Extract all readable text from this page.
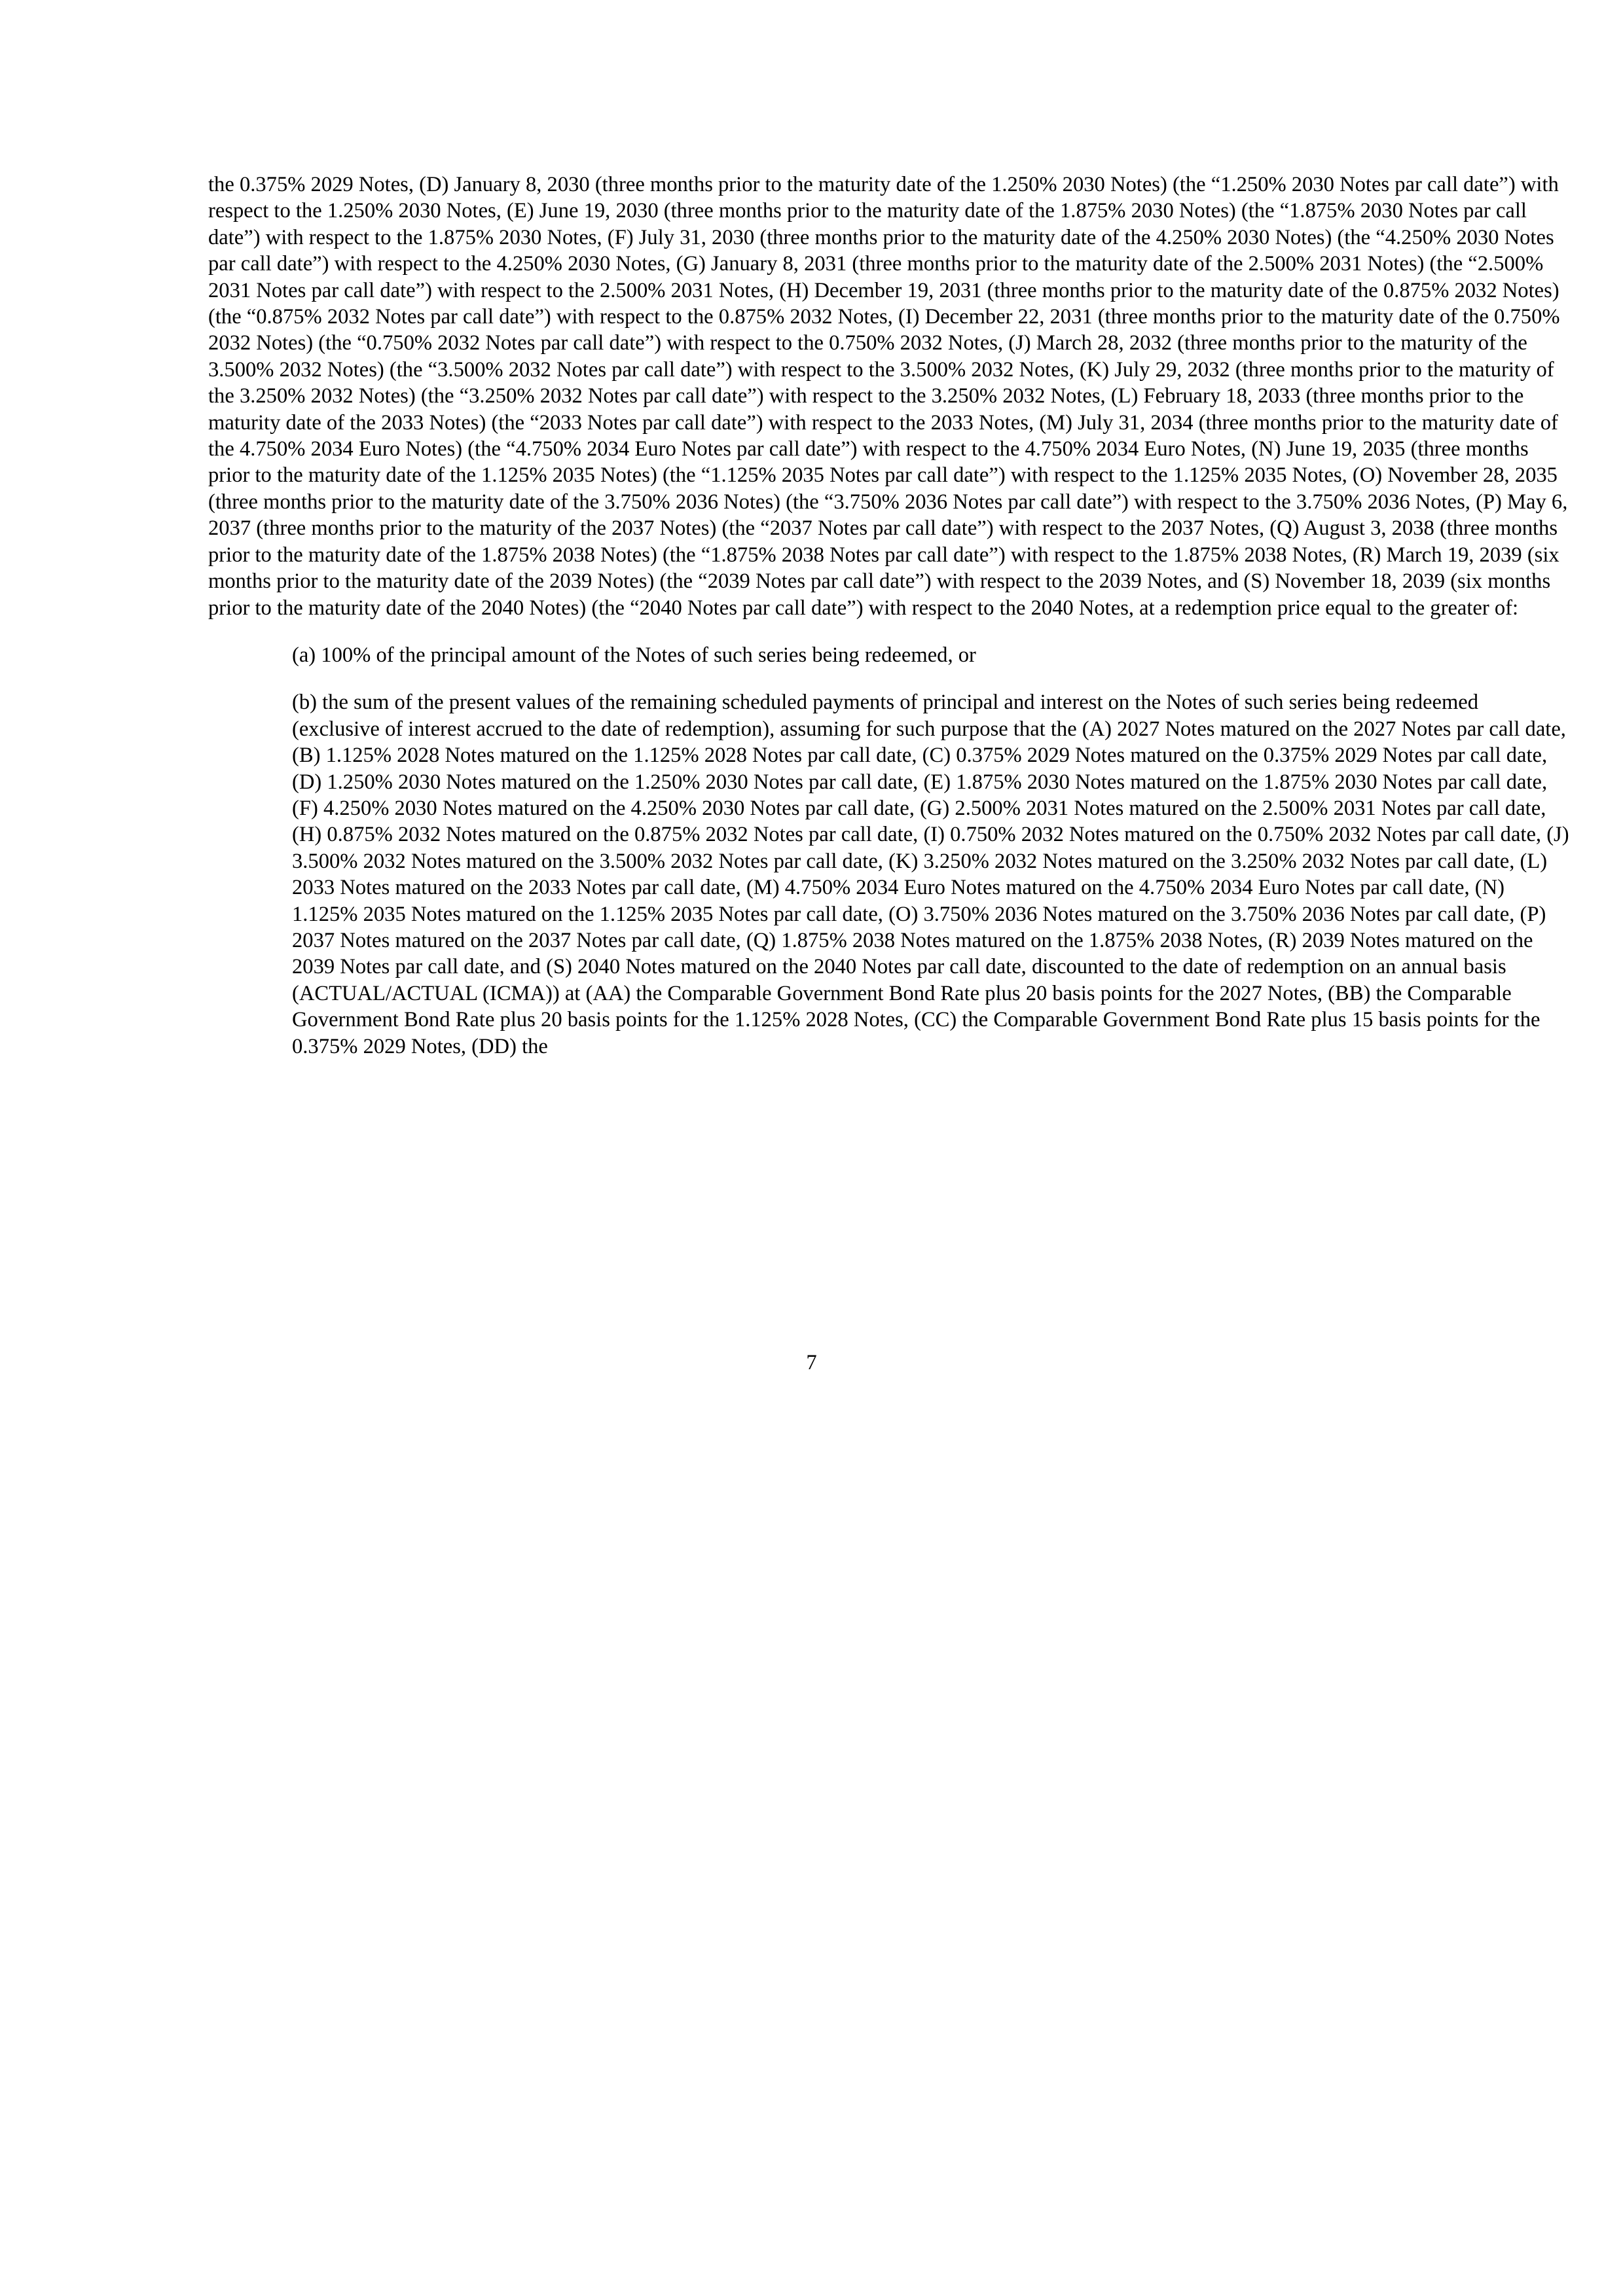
the 0.375% 2029 Notes, (D) January 8, 2030 (three months prior to the maturity date of the 1.250% 2030 Notes) (the “1.250% 2030 Notes par call date”) with respect to the 1.250% 2030 Notes, (E) June 19, 2030 (three months prior to the maturity date of the 1.875% 2030 Notes) (the “1.875% 2030 Notes par call date”) with respect to the 1.875% 2030 Notes, (F) July 31, 2030 (three months prior to the maturity date of the 4.250% 2030 Notes) (the “4.250% 2030 Notes par call date”) with respect to the 4.250% 2030 Notes, (G) January 8, 2031 (three months prior to the maturity date of the 2.500% 2031 Notes) (the “2.500% 2031 Notes par call date”) with respect to the 2.500% 2031 Notes, (H) December 19, 2031 (three months prior to the maturity date of the 0.875% 2032 Notes) (the “0.875% 2032 Notes par call date”) with respect to the 0.875% 2032 Notes, (I) December 22, 2031 (three months prior to the maturity date of the 0.750% 2032 Notes) (the “0.750% 2032 Notes par call date”) with respect to the 0.750% 2032 Notes, (J) March 28, 2032 (three months prior to the maturity of the 3.500% 2032 Notes) (the “3.500% 2032 Notes par call date”) with respect to the 3.500% 2032 Notes, (K) July 29, 2032 (three months prior to the maturity of the 3.250% 2032 Notes) (the “3.250% 2032 Notes par call date”) with respect to the 3.250% 2032 Notes, (L) February 18, 2033 (three months prior to the maturity date of the 2033 Notes) (the “2033 Notes par call date”) with respect to the 2033 Notes, (M) July 31, 2034 (three months prior to the maturity date of the 4.750% 2034 Euro Notes) (the “4.750% 2034 Euro Notes par call date”) with respect to the 4.750% 2034 Euro Notes, (N) June 19, 2035 (three months prior to the maturity date of the 1.125% 2035 Notes) (the “1.125% 2035 Notes par call date”) with respect to the 1.125% 2035 Notes, (O) November 28, 2035 (three months prior to the maturity date of the 3.750% 2036 Notes) (the “3.750% 2036 Notes par call date”) with respect to the 3.750% 2036 Notes, (P) May 6, 2037 (three months prior to the maturity of the 2037 Notes) (the “2037 Notes par call date”) with respect to the 2037 Notes, (Q) August 3, 2038 (three months prior to the maturity date of the 1.875% 2038 Notes) (the “1.875% 2038 Notes par call date”) with respect to the 1.875% 2038 Notes, (R) March 19, 2039 (six months prior to the maturity date of the 2039 Notes) (the “2039 Notes par call date”) with respect to the 2039 Notes, and (S) November 18, 2039 (six months prior to the maturity date of the 2040 Notes) (the “2040 Notes par call date”) with respect to the 2040 Notes, at a redemption price equal to the greater of:

(a) 100% of the principal amount of the Notes of such series being redeemed, or

(b) the sum of the present values of the remaining scheduled payments of principal and interest on the Notes of such series being redeemed (exclusive of interest accrued to the date of redemption), assuming for such purpose that the (A) 2027 Notes matured on the 2027 Notes par call date, (B) 1.125% 2028 Notes matured on the 1.125% 2028 Notes par call date, (C) 0.375% 2029 Notes matured on the 0.375% 2029 Notes par call date, (D) 1.250% 2030 Notes matured on the 1.250% 2030 Notes par call date, (E) 1.875% 2030 Notes matured on the 1.875% 2030 Notes par call date, (F) 4.250% 2030 Notes matured on the 4.250% 2030 Notes par call date, (G) 2.500% 2031 Notes matured on the 2.500% 2031 Notes par call date, (H) 0.875% 2032 Notes matured on the 0.875% 2032 Notes par call date, (I) 0.750% 2032 Notes matured on the 0.750% 2032 Notes par call date, (J) 3.500% 2032 Notes matured on the 3.500% 2032 Notes par call date, (K) 3.250% 2032 Notes matured on the 3.250% 2032 Notes par call date, (L) 2033 Notes matured on the 2033 Notes par call date, (M) 4.750% 2034 Euro Notes matured on the 4.750% 2034 Euro Notes par call date, (N) 1.125% 2035 Notes matured on the 1.125% 2035 Notes par call date, (O) 3.750% 2036 Notes matured on the 3.750% 2036 Notes par call date, (P) 2037 Notes matured on the 2037 Notes par call date, (Q) 1.875% 2038 Notes matured on the 1.875% 2038 Notes, (R) 2039 Notes matured on the 2039 Notes par call date, and (S) 2040 Notes matured on the 2040 Notes par call date, discounted to the date of redemption on an annual basis (ACTUAL/ACTUAL (ICMA)) at (AA) the Comparable Government Bond Rate plus 20 basis points for the 2027 Notes, (BB) the Comparable Government Bond Rate plus 20 basis points for the 1.125% 2028 Notes, (CC) the Comparable Government Bond Rate plus 15 basis points for the 0.375% 2029 Notes, (DD) the

7
